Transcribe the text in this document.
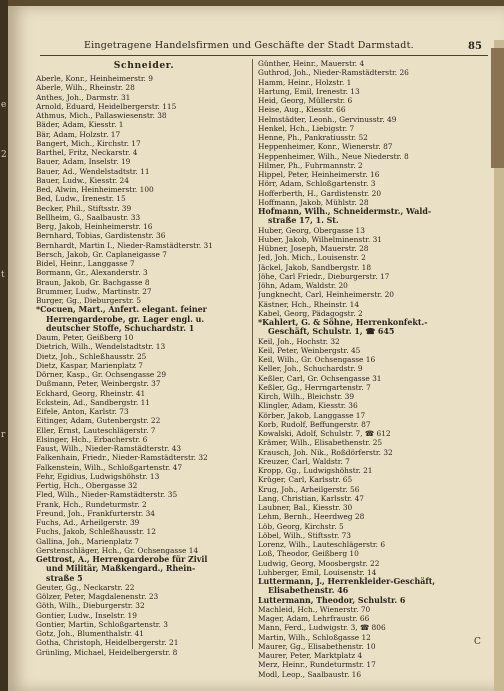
e
2
t
r
Eingetragene Handelsfirmen und Geschäfte der Stadt Darmstadt.	85
Schneider.
Aberle, Konr., Heinheimerstr. 9
Aberle, Wilh., Rheinstr. 28
Anthes, Joh., Darmstr. 31
Arnold, Eduard, Heidelbergerstr. 115
Athmus, Mich., Pallaswiesenstr. 38
Bäder, Adam, Kiesstr. 1
Bär, Adam, Holzstr. 17
Bangert, Mich., Kirchstr. 17
Barthel, Fritz, Neckarstr. 4
Bauer, Adam, Inselstr. 19
Bauer, Ad., Wendelstadtstr. 11
Bauer, Ludw., Kiesstr. 24
Bed, Alwin, Heinheimerstr. 100
Bed, Ludw., Irenestr. 15
Becker, Phil., Stiftsstr. 39
Bellheim, G., Saalbaustr. 33
Berg, Jakob, Heinheimerstr. 16
Bernhard, Tobias, Gardistenstr. 36
Bernhardt, Martin I., Nieder-Ramstädterstr. 31
Bersch, Jakob, Gr. Caplaneigasse 7
Bidel, Heinr., Langgasse 7
Bormann, Gr., Alexanderstr. 3
Braun, Jakob, Gr. Bachgasse 8
Brummer, Ludw., Martinstr. 27
Burger, Gg., Dieburgerstr. 5
*Cocuen, Mart., Anfert. elegant. feiner
Herrengarderobe, gr. Lager engl. u.
deutscher Stoffe, Schuchardstr. 1
Daum, Peter, Geißberg 10
Dietrich, Wilh., Wendelstadtstr. 13
Dietz, Joh., Schleßhausstr. 25
Dietz, Kaspar, Marienplatz 7
Dörner, Kasp., Gr. Ochsengasse 29
Dußmann, Peter, Weinbergstr. 37
Eckhard, Georg, Rheinstr. 41
Eckstein, Ad., Sandbergstr. 11
Eifele, Anton, Karlstr. 73
Eitinger, Adam, Gutenbergstr. 22
Eller, Ernst, Lauteschlägerstr. 7
Elsinger, Hch., Erbacherstr. 6
Faust, Wilh., Nieder-Ramstädterstr. 43
Falkenhain, Friedr., Nieder-Ramstädterstr. 32
Falkenstein, Wilh., Schloßgartenstr. 47
Fehr, Egidius, Ludwigshöhstr. 13
Fertig, Hch., Obergasse 32
Fled, Wilh., Nieder-Ramstädterstr. 35
Frank, Hch., Rundeturmstr. 2
Freund, Joh., Frankfurterstr. 34
Fuchs, Ad., Arheilgerstr. 39
Fuchs, Jakob, Schleßhausstr. 12
Gallina, Joh., Marienplatz 7
Gerstenschläger, Hch., Gr. Ochsengasse 14
Gettrost, A., Herrengarderobe für Zivil
und Militär, Maßkengard., Rhein-
straße 5
Geuter, Gg., Neckarstr. 22
Gölzer, Peter, Magdalenenstr. 23
Göth, Wilh., Dieburgerstr. 32
Gontier, Ludw., Inselstr. 19
Gontier, Martin, Schloßgartenstr. 3
Gotz, Joh., Blumenthalstr. 41
Gotha, Christoph, Heidelbergerstr. 21
Grünling, Michael, Heidelbergerstr. 8
Günther, Heinr., Mauerstr. 4
Guthrod, Joh., Nieder-Ramstädterstr. 26
Hamm, Heinr., Holzstr. 1
Hartung, Emil, Irenestr. 13
Heid, Georg, Müllerstr. 6
Heise, Aug., Kiesstr. 66
Helmstädter, Leonh., Gervinusstr. 49
Henkel, Hch., Liebigstr. 7
Henne, Ph., Pankratiusstr. 52
Heppenheimer, Konr., Wienerstr. 87
Heppenheimer, Wilh., Neue Niederstr. 8
Hilmer, Ph., Fuhrmannstr. 2
Hippel, Peter, Heinheimerstr. 16
Hörr, Adam, Schloßgartenstr. 3
Hofferberth, H., Gardistenstr. 20
Hoffmann, Jakob, Mühlstr. 28
Hofmann, Wilh., Schneidermstr., Wald-
straße 17, 1. St.
Huber, Georg, Obergasse 13
Huber, Jakob, Wilhelminenstr. 31
Hübner, Joseph, Mauerstr. 28
Jed, Joh. Mich., Louisenstr. 2
Jäckel, Jakob, Sandbergstr. 18
Jöhe, Carl Friedr., Dieburgerstr. 17
Jöhn, Adam, Waldstr. 20
Jungknecht, Carl, Heinheimerstr. 20
Kästner, Hch., Rheinstr. 14
Kabel, Georg, Pädagogstr. 2
*Kahlert, G. & Söhne, Herrenkonfekt.-
Geschäft, Schulstr. 1, ☎ 645
Keil, Joh., Hochstr. 32
Keil, Peter, Weinbergstr. 45
Keil, Wilh., Gr. Ochsengasse 16
Keller, Joh., Schuchardstr. 9
Keßler, Carl, Gr. Ochsengasse 31
Keßler, Gg., Herrngartenstr. 7
Kirch, Wilh., Bleichstr. 39
Klingler, Adam, Kiesstr. 36
Körber, Jakob, Langgasse 17
Korb, Rudolf, Beffungerstr. 87
Kowalski, Adolf, Schulstr. 7, ☎ 612
Krämer, Wilh., Elisabethenstr. 25
Krausch, Joh. Nik., Roßdörferstr. 32
Kreuzer, Carl, Waldstr. 7
Kropp, Gg., Ludwigshöhstr. 21
Krüger, Carl, Karlsstr. 65
Krug, Joh., Arheilgerstr. 56
Lang, Christian, Karlsstr. 47
Laubner, Bal., Kiesstr. 30
Lehm, Bernh., Heerdweg 28
Löb, Georg, Kirchstr. 5
Löbel, Wilh., Stiftsstr. 73
Lorenz, Wilh., Lauteschlägerstr. 6
Loß, Theodor, Geißberg 10
Ludwig, Georg, Moosbergstr. 22
Luhberger, Emil, Louisenstr. 14
Luttermann, J., Herrenkleider-Geschäft,
Elisabethenstr. 46
Luttermann, Theodor, Schulstr. 6
Machleid, Hch., Wienerstr. 70
Mager, Adam, Lehrfraustr. 66
Mann, Ferd., Ludwigstr. 3, ☎ 806
Martin, Wilh., Schloßgasse 12
Maurer, Gg., Elisabethenstr. 10
Maurer, Peter, Marktplatz 4
Merz, Heinr., Rundeturmstr. 17
Modl, Leop., Saalbaustr. 16
C
